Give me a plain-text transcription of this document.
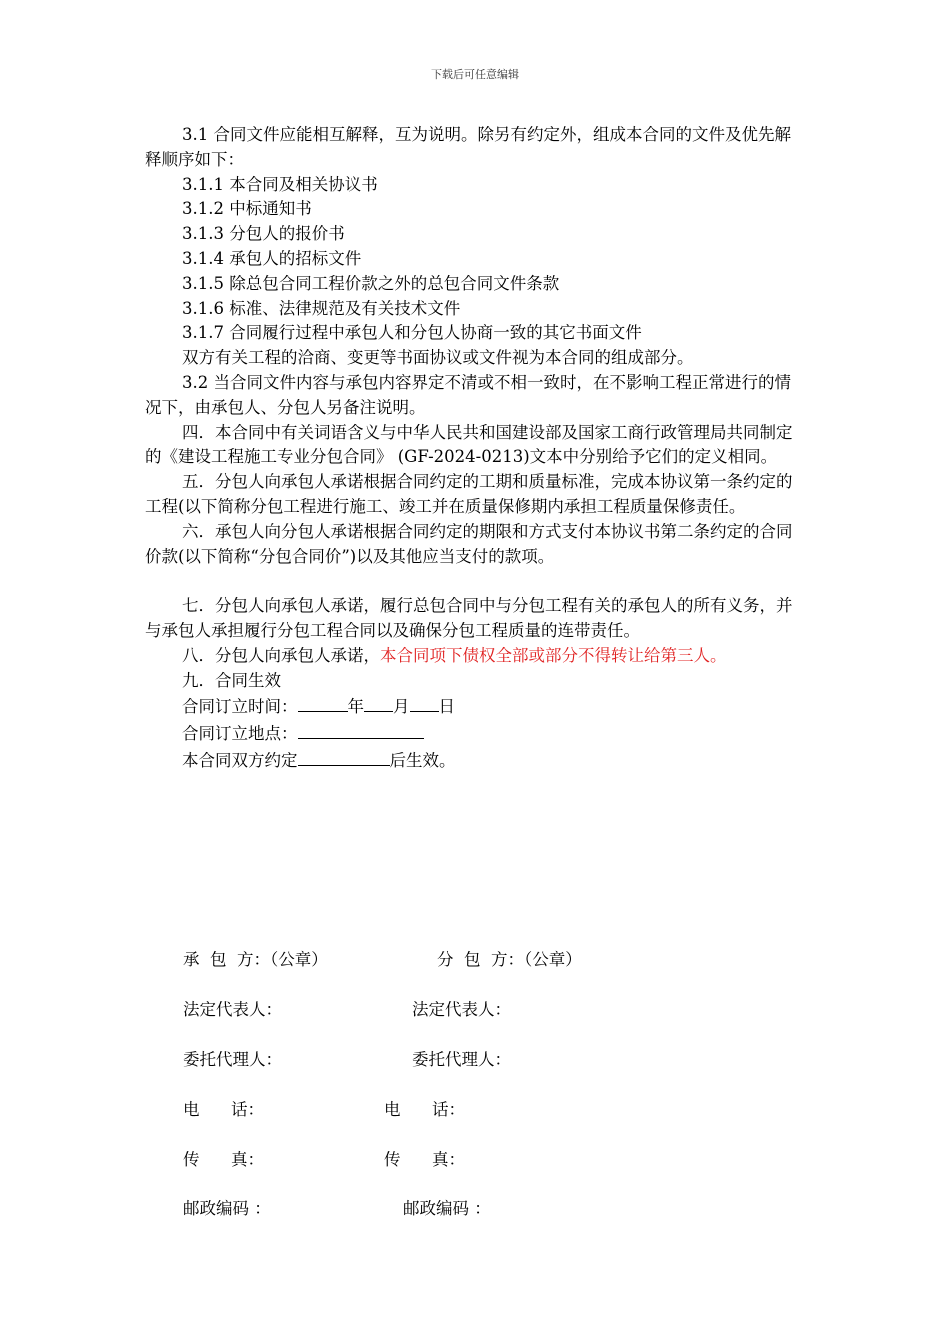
下载后可任意编辑

3.1 合同文件应能相互解释，互为说明。除另有约定外，组成本合同的文件及优先解释顺序如下：

3.1.1 本合同及相关协议书

3.1.2 中标通知书

3.1.3 分包人的报价书

3.1.4 承包人的招标文件

3.1.5 除总包合同工程价款之外的总包合同文件条款

3.1.6 标准、法律规范及有关技术文件

3.1.7 合同履行过程中承包人和分包人协商一致的其它书面文件

双方有关工程的洽商、变更等书面协议或文件视为本合同的组成部分。

3.2 当合同文件内容与承包内容界定不清或不相一致时，在不影响工程正常进行的情况下，由承包人、分包人另备注说明。

四．本合同中有关词语含义与中华人民共和国建设部及国家工商行政管理局共同制定的《建设工程施工专业分包合同》 (GF-2024-0213)文本中分别给予它们的定义相同。

五．分包人向承包人承诺根据合同约定的工期和质量标准，完成本协议第一条约定的工程(以下简称分包工程进行施工、竣工并在质量保修期内承担工程质量保修责任。

六．承包人向分包人承诺根据合同约定的期限和方式支付本协议书第二条约定的合同价款(以下简称“分包合同价”)以及其他应当支付的款项。

七．分包人向承包人承诺，履行总包合同中与分包工程有关的承包人的所有义务，并与承包人承担履行分包工程合同以及确保分包工程质量的连带责任。

八．分包人向承包人承诺，本合同项下债权全部或部分不得转让给第三人。

九．合同生效

合同订立时间：	年 月 日

合同订立地点：

本合同双方约定	后生效。

承  包  方：（公章）	分  包  方：（公章）
法定代表人：	法定代表人：
委托代理人：	委托代理人：
电      话：	电      话：
传      真：	传      真：
邮政编码 ：	邮政编码 ：
